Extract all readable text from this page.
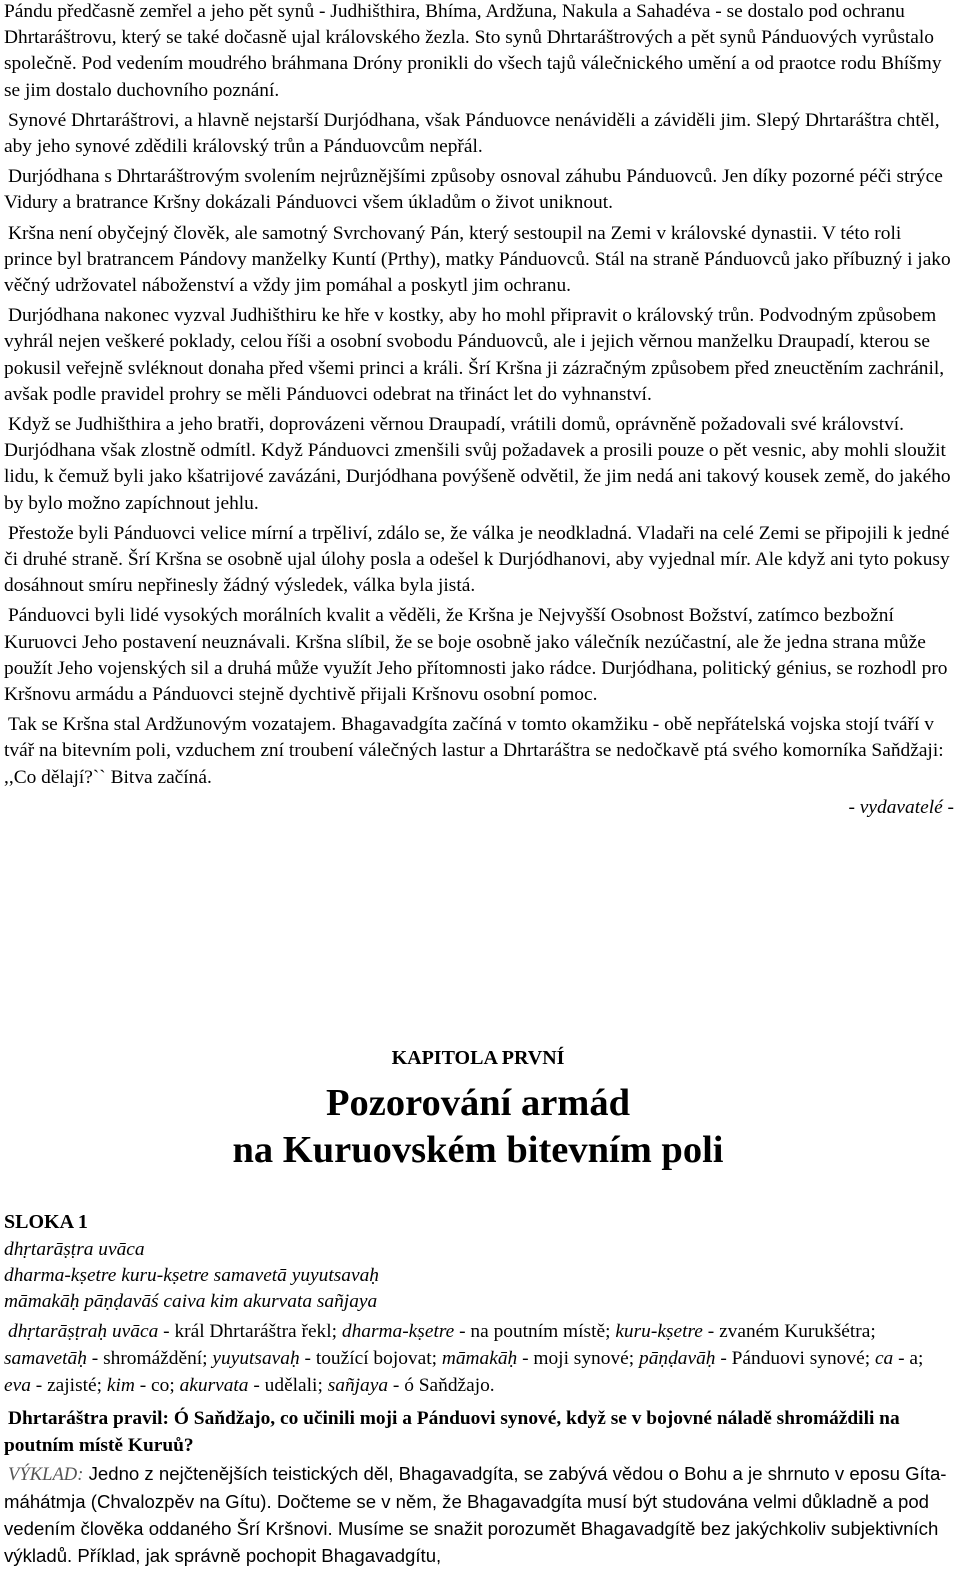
Pándu předčasně zemřel a jeho pět synů - Judhišthira, Bhíma, Ardžuna, Nakula a Sahadéva - se dostalo pod ochranu Dhrtaráštrovu, který se také dočasně ujal královského žezla. Sto synů Dhrtaráštrových a pět synů Pánduových vyrůstalo společně. Pod vedením moudrého bráhmana Dróny pronikli do všech tajů válečnického umění a od praotce rodu Bhíšmy se jim dostalo duchovního poznání.

Synové Dhrtaráštrovi, a hlavně nejstarší Durjódhana, však Pánduovce nenáviděli a záviděli jim. Slepý Dhrtaráštra chtěl, aby jeho synové zdědili královský trůn a Pánduovcům nepřál.

Durjódhana s Dhrtaráštrovým svolením nejrůznějšími způsoby osnoval záhubu Pánduovců. Jen díky pozorné péči strýce Vidury a bratrance Kršny dokázali Pánduovci všem úkladům o život uniknout.

Kršna není obyčejný člověk, ale samotný Svrchovaný Pán, který sestoupil na Zemi v královské dynastii. V této roli prince byl bratrancem Pándovy manželky Kuntí (Prthy), matky Pánduovců. Stál na straně Pánduovců jako příbuzný i jako věčný udržovatel náboženství a vždy jim pomáhal a poskytl jim ochranu.

Durjódhana nakonec vyzval Judhišthiru ke hře v kostky, aby ho mohl připravit o královský trůn. Podvodným způsobem vyhrál nejen veškeré poklady, celou říši a osobní svobodu Pánduovců, ale i jejich věrnou manželku Draupadí, kterou se pokusil veřejně svléknout donaha před všemi princi a králi. Šrí Kršna ji zázračným způsobem před zneuctěním zachránil, avšak podle pravidel prohry se měli Pánduovci odebrat na třináct let do vyhnanství.

Když se Judhišthira a jeho bratři, doprovázeni věrnou Draupadí, vrátili domů, oprávněně požadovali své království. Durjódhana však zlostně odmítl. Když Pánduovci zmenšili svůj požadavek a prosili pouze o pět vesnic, aby mohli sloužit lidu, k čemuž byli jako kšatrijové zavázáni, Durjódhana povýšeně odvětil, že jim nedá ani takový kousek země, do jakého by bylo možno zapíchnout jehlu.

Přestože byli Pánduovci velice mírní a trpěliví, zdálo se, že válka je neodkladná. Vladaři na celé Zemi se připojili k jedné či druhé straně. Šrí Kršna se osobně ujal úlohy posla a odešel k Durjódhanovi, aby vyjednal mír. Ale když ani tyto pokusy dosáhnout smíru nepřinesly žádný výsledek, válka byla jistá.

Pánduovci byli lidé vysokých morálních kvalit a věděli, že Kršna je Nejvyšší Osobnost Božství, zatímco bezbožní Kuruovci Jeho postavení neuznávali. Kršna slíbil, že se boje osobně jako válečník nezúčastní, ale že jedna strana může použít Jeho vojenských sil a druhá může využít Jeho přítomnosti jako rádce. Durjódhana, politický génius, se rozhodl pro Kršnovu armádu a Pánduovci stejně dychtivě přijali Kršnovu osobní pomoc.

Tak se Kršna stal Ardžunovým vozatajem. Bhagavadgíta začíná v tomto okamžiku - obě nepřátelská vojska stojí tváří v tvář na bitevním poli, vzduchem zní troubení válečných lastur a Dhrtaráštra se nedočkavě ptá svého komorníka Saňdžaji: ,,Co dělají?`` Bitva začíná.

- vydavatelé -

KAPITOLA PRVNÍ
Pozorování armád
na Kuruovském bitevním poli
SLOKA 1
dhṛtarāṣṭra uvāca
dharma-kṣetre kuru-kṣetre samavetā yuyutsavaḥ
māmakāḥ pāṇḍavāś caiva kim akurvata sañjaya
dhṛtarāṣṭraḥ uvāca - král Dhrtaráštra řekl; dharma-kṣetre - na poutním místě; kuru-kṣetre - zvaném Kurukšétra; samavetāḥ - shromáždění; yuyutsavaḥ - toužící bojovat; māmakāḥ - moji synové; pāṇḍavāḥ - Pánduovi synové; ca - a; eva - zajisté; kim - co; akurvata - udělali; sañjaya - ó Saňdžajo.
Dhrtaráštra pravil: Ó Saňdžajo, co učinili moji a Pánduovi synové, když se v bojovné náladě shromáždili na poutním místě Kuruů?
VÝKLAD: Jedno z nejčtenějších teistických děl, Bhagavadgíta, se zabývá vědou o Bohu a je shrnuto v eposu Gíta-máhátmja (Chvalozpěv na Gítu). Dočteme se v něm, že Bhagavadgíta musí být studována velmi důkladně a pod vedením člověka oddaného Šrí Kršnovi. Musíme se snažit porozumět Bhagavadgítě bez jakýchkoliv subjektivních výkladů. Příklad, jak správně pochopit Bhagavadgítu,
